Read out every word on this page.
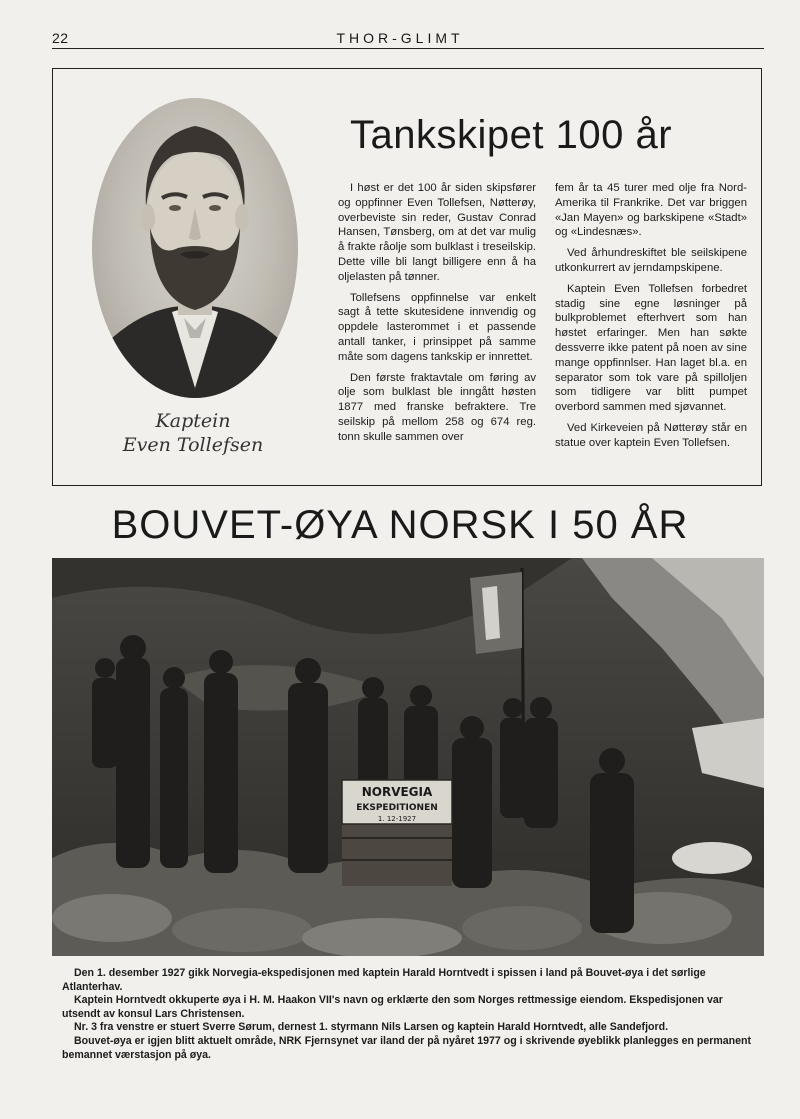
22	THOR-GLIMT
Kaptein
Even Tollefsen
Tankskipet 100 år

I høst er det 100 år siden skipsfører og oppfinner Even Tollefsen, Nøtterøy, overbeviste sin reder, Gustav Conrad Hansen, Tønsberg, om at det var mulig å frakte råolje som bulklast i treseilskip. Dette ville bli langt billigere enn å ha oljelasten på tønner.

Tollefsens oppfinnelse var enkelt sagt å tette skutesidene innvendig og oppdele lasterommet i et passende antall tanker, i prinsippet på samme måte som dagens tankskip er innrettet.

Den første fraktavtale om føring av olje som bulklast ble inngått høsten 1877 med franske befraktere. Tre seilskip på mellom 258 og 674 reg. tonn skulle sammen over

fem år ta 45 turer med olje fra Nord-Amerika til Frankrike. Det var briggen «Jan Mayen» og barkskipene «Stadt» og «Lindesnæs».

Ved århundreskiftet ble seilskipene utkonkurrert av jerndampskipene.

Kaptein Even Tollefsen forbedret stadig sine egne løsninger på bulkproblemet efterhvert som han høstet erfaringer. Men han søkte dessverre ikke patent på noen av sine mange oppfinnlser. Han laget bl.a. en separator som tok vare på spilloljen som tidligere var blitt pumpet overbord sammen med sjøvannet.

Ved Kirkeveien på Nøtterøy står en statue over kaptein Even Tollefsen.

BOUVET-ØYA NORSK I 50 ÅR
NORVEGIA
EKSPEDITIONEN
1. 12-1927

Den 1. desember 1927 gikk Norvegia-ekspedisjonen med kaptein Harald Horntvedt i spissen i land på Bouvet-øya i det sørlige Atlanterhav.

Kaptein Horntvedt okkuperte øya i H. M. Haakon VII's navn og erklærte den som Norges rettmessige eiendom. Ekspedisjonen var utsendt av konsul Lars Christensen.

Nr. 3 fra venstre er stuert Sverre Sørum, dernest 1. styrmann Nils Larsen og kaptein Harald Horntvedt, alle Sandefjord.

Bouvet-øya er igjen blitt aktuelt område, NRK Fjernsynet var iland der på nyåret 1977 og i skrivende øyeblikk planlegges en permanent bemannet værstasjon på øya.
